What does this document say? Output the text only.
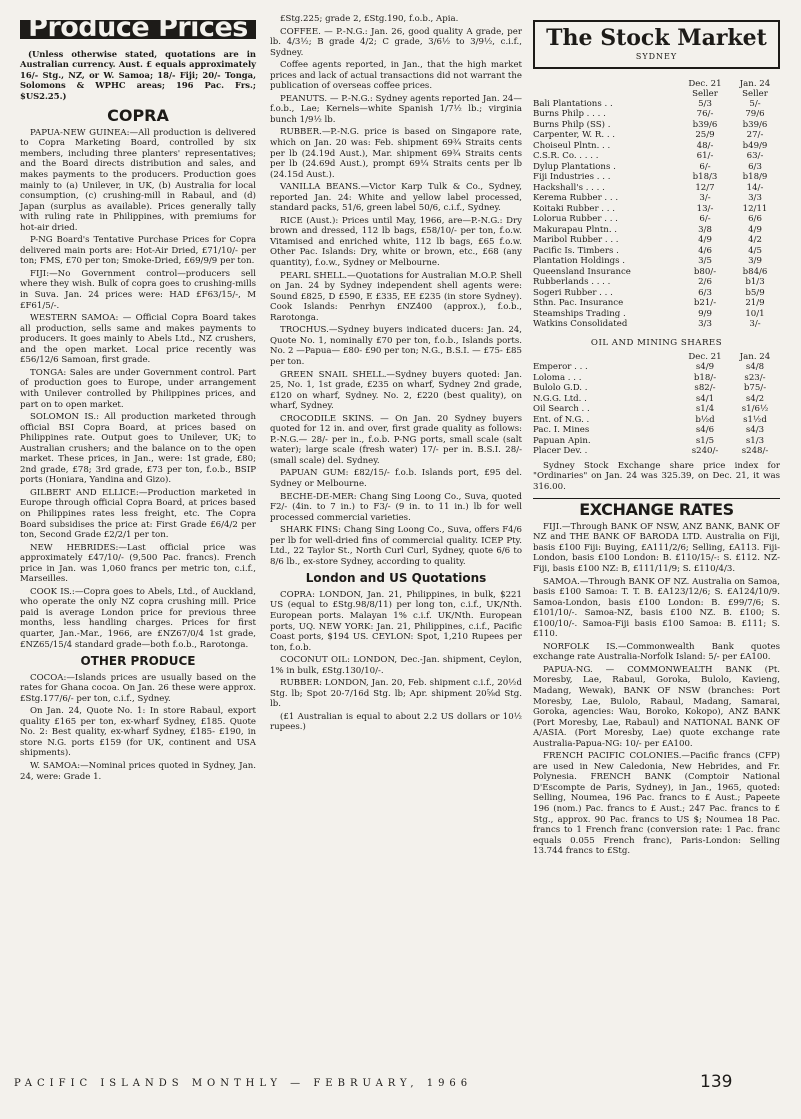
Produce Prices
(Unless otherwise stated, quotations are in Australian currency. Aust. £ equals approximately 16/- Stg., NZ, or W. Samoa; 18/- Fiji; 20/- Tonga, Solomons & WPHC areas; 196 Pac. Frs.; $US2.25.)
COPRA

PAPUA-NEW GUINEA:—All production is delivered to Copra Marketing Board, controlled by six members, including three planters' representatives; and the Board directs distribution and sales, and makes payments to the producers. Production goes mainly to (a) Unilever, in UK, (b) Australia for local consumption, (c) crushing-mill in Rabaul, and (d) Japan (surplus as available). Prices generally tally with ruling rate in Philippines, with premiums for hot-air dried.

P-NG Board's Tentative Purchase Prices for Copra delivered main ports are: Hot-Air Dried, £71/10/- per ton; FMS, £70 per ton; Smoke-Dried, £69/9/9 per ton.

FIJI:—No Government control—producers sell where they wish. Bulk of copra goes to crushing-mills in Suva. Jan. 24 prices were: HAD £F63/15/-, M £F61/5/-.

WESTERN SAMOA: — Official Copra Board takes all production, sells same and makes payments to producers. It goes mainly to Abels Ltd., NZ crushers, and the open market. Local price recently was £56/12/6 Samoan, first grade.

TONGA: Sales are under Government control. Part of production goes to Europe, under arrangement with Unilever controlled by Philippines prices, and part on to open market.

SOLOMON IS.: All production marketed through official BSI Copra Board, at prices based on Philippines rate. Output goes to Unilever, UK; to Australian crushers; and the balance on to the open market. These prices, in Jan., were: 1st grade, £80; 2nd grade, £78; 3rd grade, £73 per ton, f.o.b., BSIP ports (Honiara, Yandina and Gizo).

GILBERT AND ELLICE:—Production marketed in Europe through official Copra Board, at prices based on Philippines rates less freight, etc. The Copra Board subsidises the price at: First Grade £6/4/2 per ton, Second Grade £2/2/1 per ton.

NEW HEBRIDES:—Last official price was approximately £47/10/- (9,500 Pac. francs). French price in Jan. was 1,060 francs per metric ton, c.i.f., Marseilles.

COOK IS.:—Copra goes to Abels, Ltd., of Auckland, who operate the only NZ copra crushing mill. Price paid is average London price for previous three months, less handling charges. Prices for first quarter, Jan.-Mar., 1966, are £NZ67/0/4 1st grade, £NZ65/15/4 standard grade—both f.o.b., Rarotonga.

OTHER PRODUCE

COCOA:—Islands prices are usually based on the rates for Ghana cocoa. On Jan. 26 these were approx. £Stg.177/6/- per ton, c.i.f., Sydney.

On Jan. 24, Quote No. 1: In store Rabaul, export quality £165 per ton, ex-wharf Sydney, £185. Quote No. 2: Best quality, ex-wharf Sydney, £185- £190, in store N.G. ports £159 (for UK, continent and USA shipments).

W. SAMOA:—Nominal prices quoted in Sydney, Jan. 24, were: Grade 1.

£Stg.225; grade 2, £Stg.190, f.o.b., Apia.

COFFEE. — P.-N.G.: Jan. 26, good quality A grade, per lb. 4/3½; B grade 4/2; C grade, 3/6½ to 3/9½, c.i.f., Sydney.

Coffee agents reported, in Jan., that the high market prices and lack of actual transactions did not warrant the publication of overseas coffee prices.

PEANUTS. — P.-N.G.: Sydney agents reported Jan. 24—f.o.b., Lae; Kernels—white Spanish 1/7½ lb.; virginia bunch 1/9½ lb.

RUBBER.—P.-N.G. price is based on Singapore rate, which on Jan. 20 was: Feb. shipment 69¾ Straits cents per lb (24.19d Aust.), Mar. shipment 69¾ Straits cents per lb (24.69d Aust.), prompt 69¼ Straits cents per lb (24.15d Aust.).

VANILLA BEANS.—Victor Karp Tulk & Co., Sydney, reported Jan. 24: White and yellow label processed, standard packs, 51/6, green label 50/6, c.i.f., Sydney.

RICE (Aust.): Prices until May, 1966, are—P.-N.G.: Dry brown and dressed, 112 lb bags, £58/10/- per ton, f.o.w. Vitamised and enriched white, 112 lb bags, £65 f.o.w. Other Pac. Islands: Dry, white or brown, etc., £68 (any quantity), f.o.w., Sydney or Melbourne.

PEARL SHELL.—Quotations for Australian M.O.P. Shell on Jan. 24 by Sydney independent shell agents were: Sound £825, D £590, E £335, EE £235 (in store Sydney). Cook Islands: Penrhyn £NZ400 (approx.), f.o.b., Rarotonga.

TROCHUS.—Sydney buyers indicated ducers: Jan. 24, Quote No. 1, nominally £70 per ton, f.o.b., Islands ports. No. 2 —Papua— £80- £90 per ton; N.G., B.S.I. — £75- £85 per ton.

GREEN SNAIL SHELL.—Sydney buyers quoted: Jan. 25, No. 1, 1st grade, £235 on wharf, Sydney 2nd grade, £120 on wharf, Sydney. No. 2, £220 (best quality), on wharf, Sydney.

CROCODILE SKINS. — On Jan. 20 Sydney buyers quoted for 12 in. and over, first grade quality as follows: P.-N.G.— 28/- per in., f.o.b. P-NG ports, small scale (salt water); large scale (fresh water) 17/- per in. B.S.I. 28/- (small scale) del. Sydney.

PAPUAN GUM: £82/15/- f.o.b. Islands port, £95 del. Sydney or Melbourne.

BECHE-DE-MER: Chang Sing Loong Co., Suva, quoted F2/- (4in. to 7 in.) to F3/- (9 in. to 11 in.) lb for well processed commercial varieties.

SHARK FINS: Chang Sing Loong Co., Suva, offers F4/6 per lb for well-dried fins of commercial quality. ICEP Pty. Ltd., 22 Taylor St., North Curl Curl, Sydney, quote 6/6 to 8/6 lb., ex-store Sydney, according to quality.

London and US Quotations

COPRA: LONDON, Jan. 21, Philippines, in bulk, $221 US (equal to £Stg.98/8/11) per long ton, c.i.f., UK/Nth. European ports. Malayan 1% c.i.f. UK/Nth. European ports, UQ. NEW YORK: Jan. 21, Philippines, c.i.f., Pacific Coast ports, $194 US. CEYLON: Spot, 1,210 Rupees per ton, f.o.b.

COCONUT OIL: LONDON, Dec.-Jan. shipment, Ceylon, 1% in bulk, £Stg.130/10/-.

RUBBER: LONDON, Jan. 20, Feb. shipment c.i.f., 20½d Stg. lb; Spot 20-7/16d Stg. lb; Apr. shipment 20⅝d Stg. lb.

(£1 Australian is equal to about 2.2 US dollars or 10½ rupees.)

The Stock Market
SYDNEY
	Dec. 21	Jan. 24
	Seller	Seller
Bali Plantations . .	5/3	5/-
Burns Philp . . . .	76/-	79/6
Burns Philp (SS) .	b39/6	b39/6
Carpenter, W. R. . .	25/9	27/-
Choiseul Plntn. . .	48/-	b49/9
C.S.R. Co. . . . .	61/-	63/-
Dylup Plantations .	6/-	6/3
Fiji Industries . . .	b18/3	b18/9
Hackshall's . . . .	12/7	14/-
Kerema Rubber . . .	3/-	3/3
Koitaki Rubber . . .	13/-	12/11
Lolorua Rubber . . .	6/-	6/6
Makurapau Plntn. .	3/8	4/9
Maribol Rubber . . .	4/9	4/2
Pacific Is. Timbers .	4/6	4/5
Plantation Holdings .	3/5	3/9
Queensland Insurance	b80/-	b84/6
Rubberlands . . . .	2/6	b1/3
Sogeri Rubber . . .	6/3	b5/9
Sthn. Pac. Insurance	b21/-	21/9
Steamships Trading .	9/9	10/1
Watkins Consolidated	3/3	3/-
OIL AND MINING SHARES
	Dec. 21	Jan. 24
Emperor . . .	s4/9	s4/8
Loloma . . .	b18/-	s23/-
Bulolo G.D. .	s82/-	b75/-
N.G.G. Ltd. .	s4/1	s4/2
Oil Search . .	s1/4	s1/6½
Ent. of N.G. .	b½d	s1½d
Pac. I. Mines	s4/6	s4/3
Papuan Apin.	s1/5	s1/3
Placer Dev. .	s240/-	s248/-

Sydney Stock Exchange share price index for "Ordinaries" on Jan. 24 was 325.39, on Dec. 21, it was 316.00.

EXCHANGE RATES

FIJI.—Through BANK OF NSW, ANZ BANK, BANK OF NZ and THE BANK OF BARODA LTD. Australia on Fiji, basis £100 Fiji: Buying, £A111/2/6; Selling, £A113. Fiji-London, basis £100 London: B. £110/15/-: S. £112. NZ-Fiji, basis £100 NZ: B, £111/11/9; S. £110/4/3.

SAMOA.—Through BANK OF NZ. Australia on Samoa, basis £100 Samoa: T. T. B. £A123/12/6; S. £A124/10/9. Samoa-London, basis £100 London: B. £99/7/6; S. £101/10/-. Samoa-NZ, basis £100 NZ. B. £100; S. £100/10/-. Samoa-Fiji basis £100 Samoa: B. £111; S. £110.

NORFOLK IS.—Commonwealth Bank quotes exchange rate Australia-Norfolk Island: 5/- per £A100.

PAPUA-NG. — COMMONWEALTH BANK (Pt. Moresby, Lae, Rabaul, Goroka, Bulolo, Kavieng, Madang, Wewak), BANK OF NSW (branches: Port Moresby, Lae, Bulolo, Rabaul, Madang, Samarai, Goroka, agencies: Wau, Boroko, Kokopo), ANZ BANK (Port Moresby, Lae, Rabaul) and NATIONAL BANK OF A/ASIA. (Port Moresby, Lae) quote exchange rate Australia-Papua-NG: 10/- per £A100.

FRENCH PACIFIC COLONIES.—Pacific francs (CFP) are used in New Caledonia, New Hebrides, and Fr. Polynesia. FRENCH BANK (Comptoir National D'Escompte de Paris, Sydney), in Jan., 1965, quoted: Selling, Noumea, 196 Pac. francs to £ Aust.; Papeete 196 (nom.) Pac. francs to £ Aust.; 247 Pac. francs to £ Stg., approx. 90 Pac. francs to US $; Noumea 18 Pac. francs to 1 French franc (conversion rate: 1 Pac. franc equals 0.055 French franc), Paris-London: Selling 13.744 francs to £Stg.

PACIFIC ISLANDS MONTHLY — FEBRUARY, 1966	139
